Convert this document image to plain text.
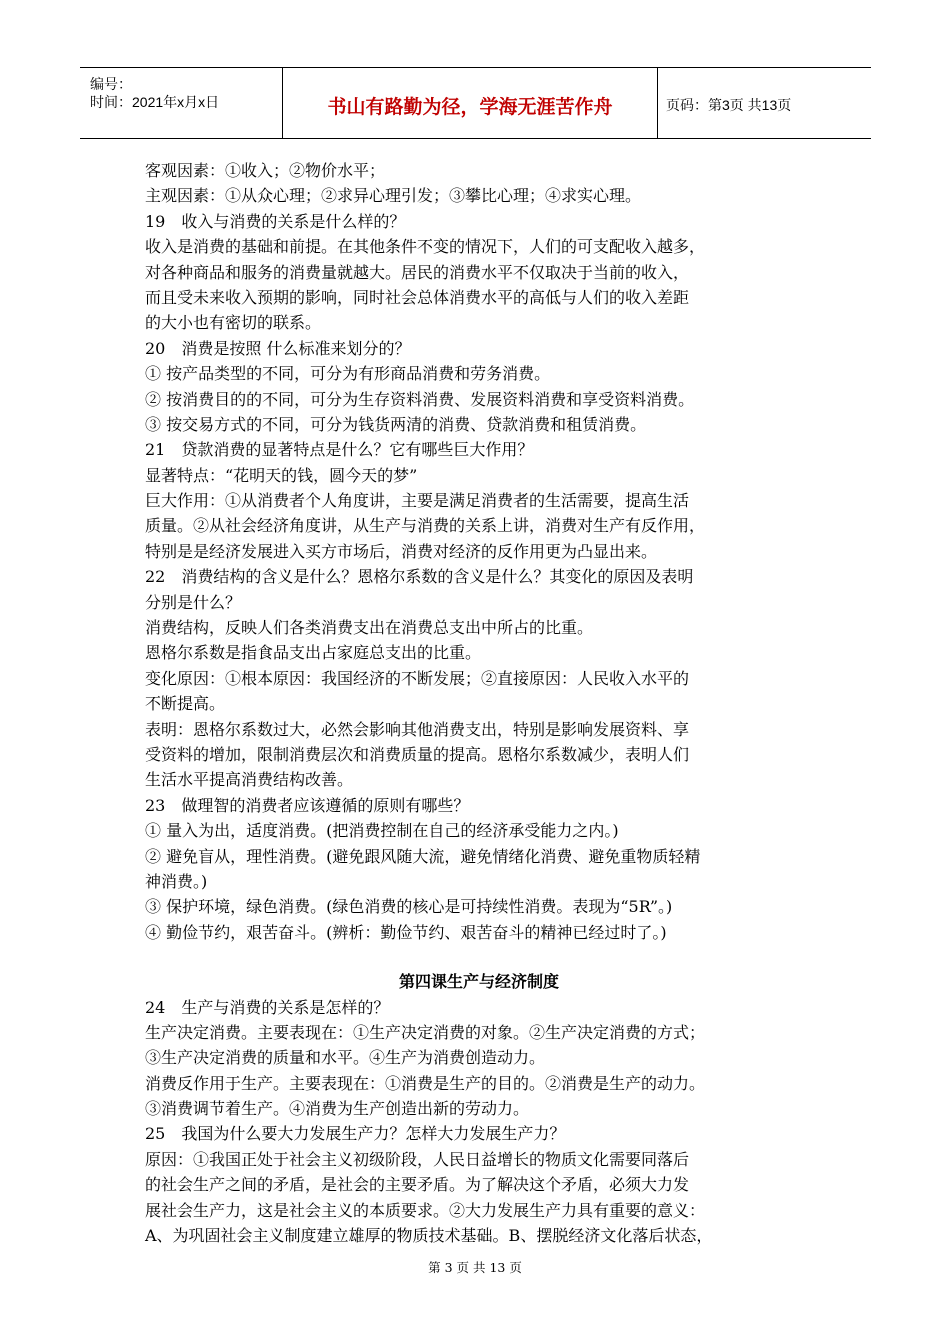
编号：
时间：2021年x月x日	书山有路勤为径，学海无涯苦作舟	页码：第3页 共13页
客观因素：①收入；②物价水平；
主观因素：①从众心理；②求异心理引发；③攀比心理；④求实心理。
19　收入与消费的关系是什么样的？
收入是消费的基础和前提。在其他条件不变的情况下，人们的可支配收入越多，
对各种商品和服务的消费量就越大。居民的消费水平不仅取决于当前的收入，
而且受未来收入预期的影响，同时社会总体消费水平的高低与人们的收入差距
的大小也有密切的联系。
20　消费是按照 什么标准来划分的？
① 按产品类型的不同，可分为有形商品消费和劳务消费。
② 按消费目的的不同，可分为生存资料消费、发展资料消费和享受资料消费。
③ 按交易方式的不同，可分为钱货两清的消费、贷款消费和租赁消费。
21　贷款消费的显著特点是什么？它有哪些巨大作用？
显著特点：“花明天的钱，圆今天的梦”
巨大作用：①从消费者个人角度讲，主要是满足消费者的生活需要，提高生活
质量。②从社会经济角度讲，从生产与消费的关系上讲，消费对生产有反作用，
特别是是经济发展进入买方市场后，消费对经济的反作用更为凸显出来。
22　消费结构的含义是什么？恩格尔系数的含义是什么？其变化的原因及表明
分别是什么？
消费结构，反映人们各类消费支出在消费总支出中所占的比重。
恩格尔系数是指食品支出占家庭总支出的比重。
变化原因：①根本原因：我国经济的不断发展；②直接原因：人民收入水平的
不断提高。
表明：恩格尔系数过大，必然会影响其他消费支出，特别是影响发展资料、享
受资料的增加，限制消费层次和消费质量的提高。恩格尔系数减少，表明人们
生活水平提高消费结构改善。
23　做理智的消费者应该遵循的原则有哪些？
① 量入为出，适度消费。(把消费控制在自己的经济承受能力之内。)
② 避免盲从，理性消费。(避免跟风随大流，避免情绪化消费、避免重物质轻精
神消费。)
③ 保护环境，绿色消费。(绿色消费的核心是可持续性消费。表现为“5R”。)
④ 勤俭节约，艰苦奋斗。(辨析：勤俭节约、艰苦奋斗的精神已经过时了。)
第四课生产与经济制度
24　生产与消费的关系是怎样的？
生产决定消费。主要表现在：①生产决定消费的对象。②生产决定消费的方式；
③生产决定消费的质量和水平。④生产为消费创造动力。
消费反作用于生产。主要表现在：①消费是生产的目的。②消费是生产的动力。
③消费调节着生产。④消费为生产创造出新的劳动力。
25　我国为什么要大力发展生产力？怎样大力发展生产力？
原因：①我国正处于社会主义初级阶段，人民日益增长的物质文化需要同落后
的社会生产之间的矛盾，是社会的主要矛盾。为了解决这个矛盾，必须大力发
展社会生产力，这是社会主义的本质要求。②大力发展生产力具有重要的意义：
A、为巩固社会主义制度建立雄厚的物质技术基础。B、摆脱经济文化落后状态，
第 3 页 共 13 页
